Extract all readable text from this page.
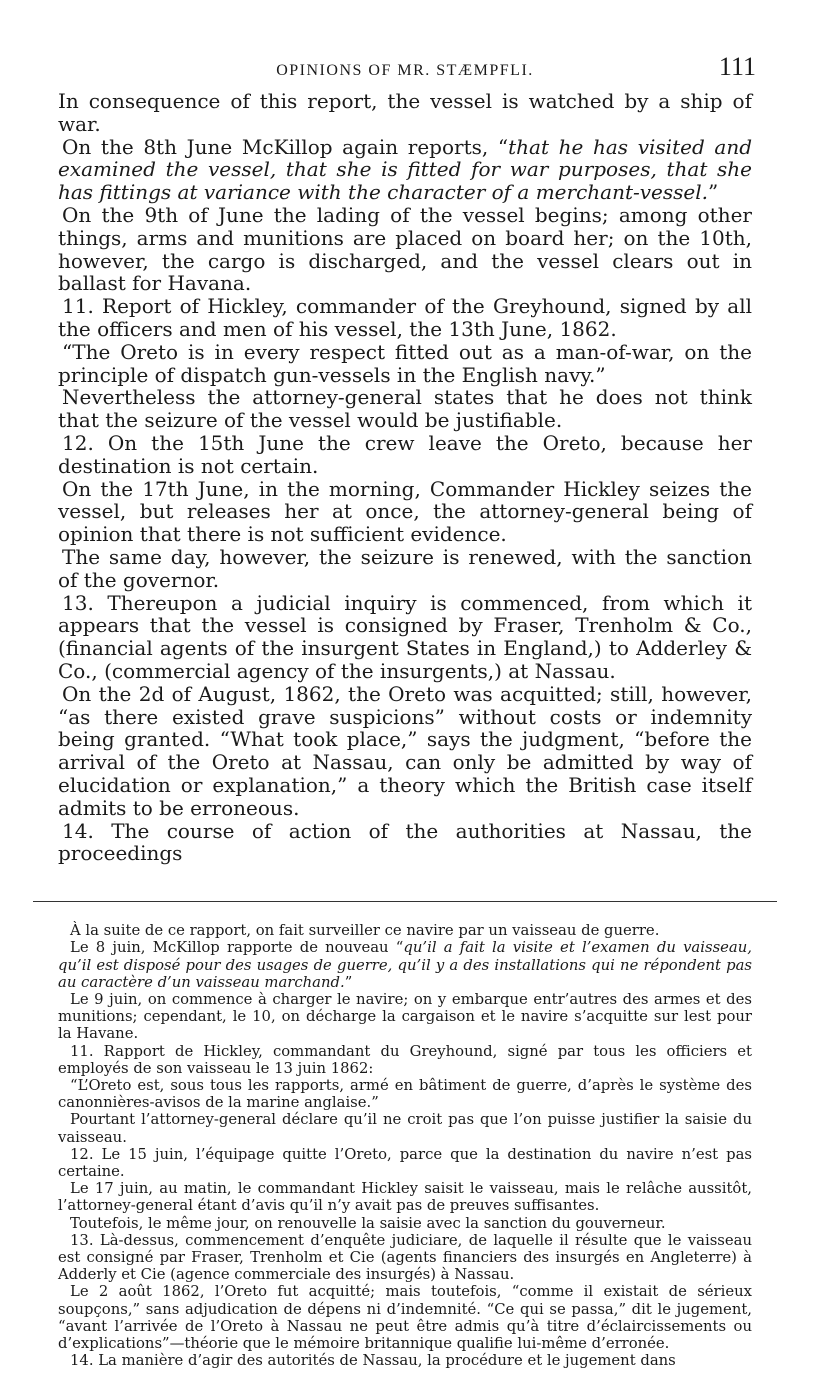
OPINIONS OF MR. STÆMPFLI.	111

In consequence of this report, the vessel is watched by a ship of war.

On the 8th June McKillop again reports, “that he has visited and examined the vessel, that she is fitted for war purposes, that she has fittings at variance with the character of a merchant-vessel.”

On the 9th of June the lading of the vessel begins; among other things, arms and munitions are placed on board her; on the 10th, however, the cargo is discharged, and the vessel clears out in ballast for Havana.

11. Report of Hickley, commander of the Greyhound, signed by all the officers and men of his vessel, the 13th June, 1862.

“The Oreto is in every respect fitted out as a man-of-war, on the principle of dispatch gun-vessels in the English navy.”

Nevertheless the attorney-general states that he does not think that the seizure of the vessel would be justifiable.

12. On the 15th June the crew leave the Oreto, because her destination is not certain.

On the 17th June, in the morning, Commander Hickley seizes the vessel, but releases her at once, the attorney-general being of opinion that there is not sufficient evidence.

The same day, however, the seizure is renewed, with the sanction of the governor.

13. Thereupon a judicial inquiry is commenced, from which it appears that the vessel is consigned by Fraser, Trenholm & Co., (financial agents of the insurgent States in England,) to Adderley & Co., (commercial agency of the insurgents,) at Nassau.

On the 2d of August, 1862, the Oreto was acquitted; still, however, “as there existed grave suspicions” without costs or indemnity being granted. “What took place,” says the judgment, “before the arrival of the Oreto at Nassau, can only be admitted by way of elucidation or explanation,” a theory which the British case itself admits to be erroneous.

14. The course of action of the authorities at Nassau, the proceedings

À la suite de ce rapport, on fait surveiller ce navire par un vaisseau de guerre.

Le 8 juin, McKillop rapporte de nouveau “qu’il a fait la visite et l’examen du vaisseau, qu’il est disposé pour des usages de guerre, qu’il y a des installations qui ne répondent pas au caractère d’un vaisseau marchand.”

Le 9 juin, on commence à charger le navire; on y embarque entr’autres des armes et des munitions; cependant, le 10, on décharge la cargaison et le navire s’acquitte sur lest pour la Havane.

11. Rapport de Hickley, commandant du Greyhound, signé par tous les officiers et employés de son vaisseau le 13 juin 1862:

“L’Oreto est, sous tous les rapports, armé en bâtiment de guerre, d’après le système des canonnières-avisos de la marine anglaise.”

Pourtant l’attorney-general déclare qu’il ne croit pas que l’on puisse justifier la saisie du vaisseau.

12. Le 15 juin, l’équipage quitte l’Oreto, parce que la destination du navire n’est pas certaine.

Le 17 juin, au matin, le commandant Hickley saisit le vaisseau, mais le relâche aussitôt, l’attorney-general étant d’avis qu’il n’y avait pas de preuves suffisantes.

Toutefois, le même jour, on renouvelle la saisie avec la sanction du gouverneur.

13. Là-dessus, commencement d’enquête judiciare, de laquelle il résulte que le vaisseau est consigné par Fraser, Trenholm et Cie (agents financiers des insurgés en Angleterre) à Adderly et Cie (agence commerciale des insurgés) à Nassau.

Le 2 août 1862, l’Oreto fut acquitté; mais toutefois, “comme il existait de sérieux soupçons,” sans adjudication de dépens ni d’indemnité. “Ce qui se passa,” dit le jugement, “avant l’arrivée de l’Oreto à Nassau ne peut être admis qu’à titre d’éclaircissements ou d’explications”—théorie que le mémoire britannique qualifie lui-même d’erronée.

14. La manière d’agir des autorités de Nassau, la procédure et le jugement dans
